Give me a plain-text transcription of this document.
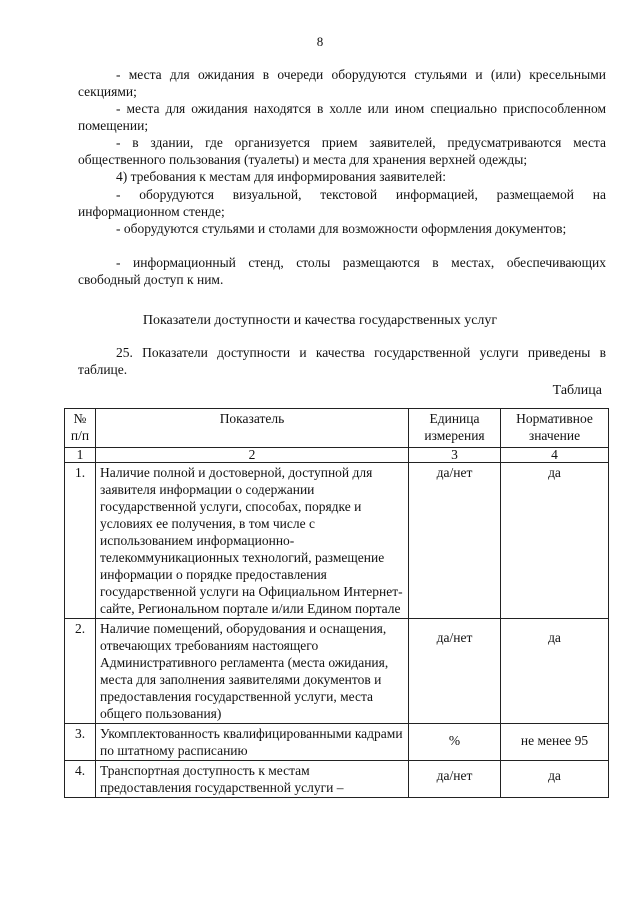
8

- места для ожидания в очереди оборудуются стульями и (или) кресельными секциями;

- места для ожидания находятся в холле или ином специально приспособленном помещении;

- в здании, где организуется прием заявителей, предусматриваются места общественного пользования (туалеты) и места для хранения верхней одежды;

4) требования к местам для информирования заявителей:

- оборудуются визуальной, текстовой информацией, размещаемой на информационном стенде;

- оборудуются стульями и столами для возможности оформления документов;

- информационный стенд, столы размещаются в местах, обеспечивающих свободный доступ к ним.

Показатели доступности и качества государственных услуг

25. Показатели доступности и качества государственной услуги приведены в таблице.

Таблица
№ п/п	Показатель	Единица измерения	Нормативное значение
1	2	3	4
1.	Наличие полной и достоверной, доступной для заявителя информации о содержании государственной услуги, способах, порядке и условиях ее получения, в том числе с использованием информационно-телекоммуникационных технологий, размещение информации о порядке предоставления государственной услуги на Официальном Интернет-сайте, Региональном портале и/или Едином портале	да/нет	да
2.	Наличие помещений, оборудования и оснащения, отвечающих требованиям настоящего Административного регламента (места ожидания, места для заполнения заявителями документов и предоставления государственной услуги, места общего пользования)	да/нет	да
3.	Укомплектованность квалифицированными кадрами по штатному расписанию	%	не менее 95
4.	Транспортная доступность к местам предоставления государственной услуги –	да/нет	да
